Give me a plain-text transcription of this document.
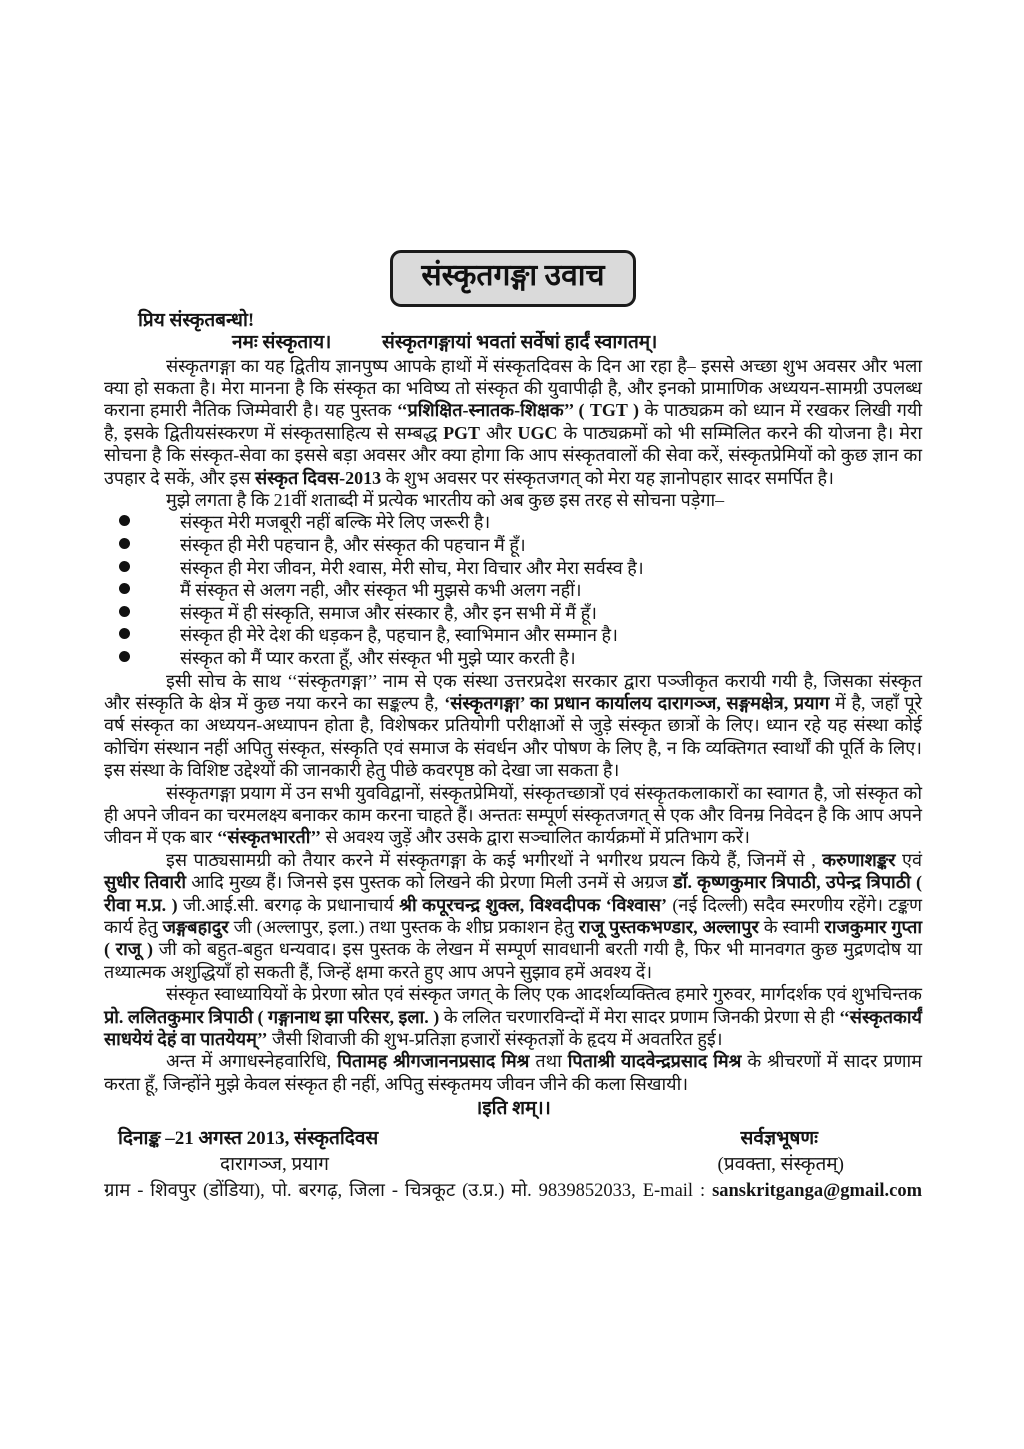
संस्कृतगङ्गा उवाच
प्रिय संस्कृतबन्धो!
नमः संस्कृताय।	संस्कृतगङ्गायां भवतां सर्वेषां हार्दं स्वागतम्।

संस्कृतगङ्गा का यह द्वितीय ज्ञानपुष्प आपके हाथों में संस्कृतदिवस के दिन आ रहा है– इससे अच्छा शुभ अवसर और भला क्या हो सकता है। मेरा मानना है कि संस्कृत का भविष्य तो संस्कृत की युवापीढ़ी है, और इनको प्रामाणिक अध्ययन-सामग्री उपलब्ध कराना हमारी नैतिक जिम्मेवारी है। यह पुस्तक ‘‘प्रशिक्षित-स्नातक-शिक्षक’’ ( TGT ) के पाठ्यक्रम को ध्यान में रखकर लिखी गयी है, इसके द्वितीयसंस्करण में संस्कृतसाहित्य से सम्बद्ध PGT और UGC के पाठ्यक्रमों को भी सम्मिलित करने की योजना है। मेरा सोचना है कि संस्कृत-सेवा का इससे बड़ा अवसर और क्या होगा कि आप संस्कृतवालों की सेवा करें, संस्कृतप्रेमियों को कुछ ज्ञान का उपहार दे सकें, और इस संस्कृत दिवस-2013 के शुभ अवसर पर संस्कृतजगत् को मेरा यह ज्ञानोपहार सादर समर्पित है।

मुझे लगता है कि 21वीं शताब्दी में प्रत्येक भारतीय को अब कुछ इस तरह से सोचना पड़ेगा–

संस्कृत मेरी मजबूरी नहीं बल्कि मेरे लिए जरूरी है।
संस्कृत ही मेरी पहचान है, और संस्कृत की पहचान मैं हूँ।
संस्कृत ही मेरा जीवन, मेरी श्वास, मेरी सोच, मेरा विचार और मेरा सर्वस्व है।
मैं संस्कृत से अलग नही, और संस्कृत भी मुझसे कभी अलग नहीं।
संस्कृत में ही संस्कृति, समाज और संस्कार है, और इन सभी में मैं हूँ।
संस्कृत ही मेरे देश की धड़कन है, पहचान है, स्वाभिमान और सम्मान है।
संस्कृत को मैं प्यार करता हूँ, और संस्कृत भी मुझे प्यार करती है।

इसी सोच के साथ ‘‘संस्कृतगङ्गा’’ नाम से एक संस्था उत्तरप्रदेश सरकार द्वारा पञ्जीकृत करायी गयी है, जिसका संस्कृत और संस्कृति के क्षेत्र में कुछ नया करने का सङ्कल्प है, ‘संस्कृतगङ्गा’ का प्रधान कार्यालय दारागञ्ज, सङ्गमक्षेत्र, प्रयाग में है, जहाँ पूरे वर्ष संस्कृत का अध्ययन-अध्यापन होता है, विशेषकर प्रतियोगी परीक्षाओं से जुड़े संस्कृत छात्रों के लिए। ध्यान रहे यह संस्था कोई कोचिंग संस्थान नहीं अपितु संस्कृत, संस्कृति एवं समाज के संवर्धन और पोषण के लिए है, न कि व्यक्तिगत स्वार्थों की पूर्ति के लिए। इस संस्था के विशिष्ट उद्देश्यों की जानकारी हेतु पीछे कवरपृष्ठ को देखा जा सकता है।

संस्कृतगङ्गा प्रयाग में उन सभी युवविद्वानों, संस्कृतप्रेमियों, संस्कृतच्छात्रों एवं संस्कृतकलाकारों का स्वागत है, जो संस्कृत को ही अपने जीवन का चरमलक्ष्य बनाकर काम करना चाहते हैं। अन्ततः सम्पूर्ण संस्कृतजगत् से एक और विनम्र निवेदन है कि आप अपने जीवन में एक बार ‘‘संस्कृतभारती’’ से अवश्य जुड़ें और उसके द्वारा सञ्चालित कार्यक्रमों में प्रतिभाग करें।

इस पाठ्यसामग्री को तैयार करने में संस्कृतगङ्गा के कई भगीरथों ने भगीरथ प्रयत्न किये हैं, जिनमें से , करुणाशङ्कर एवं सुधीर तिवारी आदि मुख्य हैं। जिनसे इस पुस्तक को लिखने की प्रेरणा मिली उनमें से अग्रज डॉ. कृष्णकुमार त्रिपाठी, उपेन्द्र त्रिपाठी ( रीवा म.प्र. ) जी.आई.सी. बरगढ़ के प्रधानाचार्य श्री कपूरचन्द्र शुक्ल, विश्वदीपक ‘विश्वास’ (नई दिल्ली) सदैव स्मरणीय रहेंगे। टङ्कण कार्य हेतु जङ्गबहादुर जी (अल्लापुर, इला.) तथा पुस्तक के शीघ्र प्रकाशन हेतु राजू पुस्तकभण्डार, अल्लापुर के स्वामी राजकुमार गुप्ता ( राजू ) जी को बहुत-बहुत धन्यवाद। इस पुस्तक के लेखन में सम्पूर्ण सावधानी बरती गयी है, फिर भी मानवगत कुछ मुद्रणदोष या तथ्यात्मक अशुद्धियाँ हो सकती हैं, जिन्हें क्षमा करते हुए आप अपने सुझाव हमें अवश्य दें।

संस्कृत स्वाध्यायियों के प्रेरणा स्रोत एवं संस्कृत जगत् के लिए एक आदर्शव्यक्तित्व हमारे गुरुवर, मार्गदर्शक एवं शुभचिन्तक प्रो. ललितकुमार त्रिपाठी ( गङ्गानाथ झा परिसर, इला. ) के ललित चरणारविन्दों में मेरा सादर प्रणाम जिनकी प्रेरणा से ही ‘‘संस्कृतकार्यं साधयेयं देहं वा पातयेयम्’’ जैसी शिवाजी की शुभ-प्रतिज्ञा हजारों संस्कृतज्ञों के हृदय में अवतरित हुई।

अन्त में अगाधस्नेहवारिधि, पितामह श्रीगजाननप्रसाद मिश्र तथा पिताश्री यादवेन्द्रप्रसाद मिश्र के श्रीचरणों में सादर प्रणाम करता हूँ, जिन्होंने मुझे केवल संस्कृत ही नहीं, अपितु संस्कृतमय जीवन जीने की कला सिखायी।

।इति शम्।।
दिनाङ्क –21 अगस्त 2013, संस्कृतदिवस	सर्वज्ञभूषणः
दारागञ्ज, प्रयाग	(प्रवक्ता, संस्कृतम्)
ग्राम - शिवपुर (डोंडिया), पो. बरगढ़, जिला - चित्रकूट (उ.प्र.) मो. 9839852033, E-mail : sanskritganga@gmail.com
